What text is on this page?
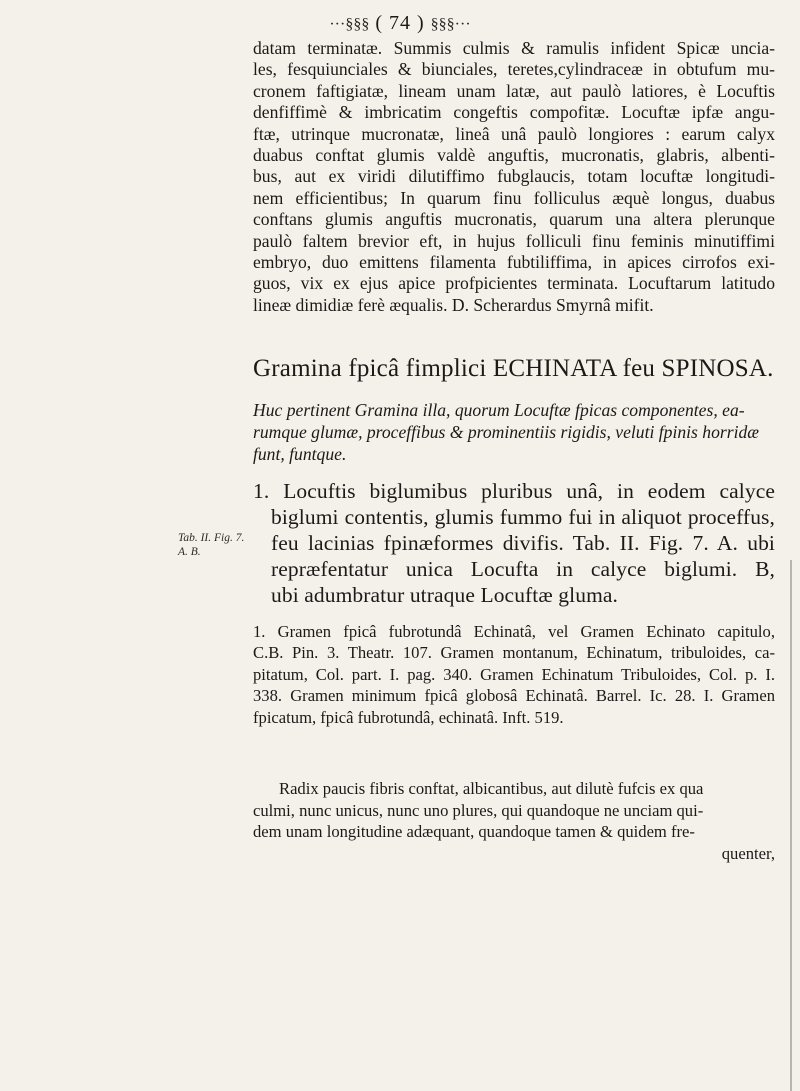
···§§§ ( 74 ) §§§···
datam terminatæ. Summis culmis & ramulis infident Spicæ uncia-
les, fesquiunciales & biunciales, teretes,cylindraceæ in obtufum mu-
cronem faftigiatæ, lineam unam latæ, aut paulò latiores, è Locuftis
denfiffimè & imbricatim congeftis compofitæ. Locuftæ ipfæ angu-
ftæ, utrinque mucronatæ, lineâ unâ paulò longiores : earum calyx
duabus conftat glumis valdè anguftis, mucronatis, glabris, albenti-
bus, aut ex viridi dilutiffimo fubglaucis, totam locuftæ longitudi-
nem efficientibus; In quarum finu folliculus æquè longus, duabus
conftans glumis anguftis mucronatis, quarum una altera plerunque
paulò faltem brevior eft, in hujus folliculi finu feminis minutiffimi
embryo, duo emittens filamenta fubtiliffima, in apices cirrofos exi-
guos, vix ex ejus apice profpicientes terminata. Locuftarum latitudo
lineæ dimidiæ ferè æqualis. D. Scherardus Smyrnâ mifit.
Gramina fpicâ fimplici ECHINATA feu SPINOSA.
Huc pertinent Gramina illa, quorum Locuftæ fpicas componentes, ea-
rumque glumæ, proceffibus & prominentiis rigidis, veluti fpinis horridæ
funt, funtque.
1. Locuftis biglumibus pluribus unâ, in eodem calyce
biglumi contentis, glumis fummo fui in aliquot proceffus,
feu lacinias fpinæformes divifis. Tab. II. Fig. 7. A. ubi
repræfentatur unica Locufta in calyce biglumi. B,
ubi adumbratur utraque Locuftæ gluma.
Tab. II. Fig. 7.
A. B.
1. Gramen fpicâ fubrotundâ Echinatâ, vel Gramen Echinato capitulo,
C.B. Pin. 3. Theatr. 107. Gramen montanum, Echinatum, tribuloides, ca-
pitatum, Col. part. I. pag. 340. Gramen Echinatum Tribuloides, Col. p. I.
338. Gramen minimum fpicâ globosâ Echinatâ. Barrel. Ic. 28. I. Gramen
fpicatum, fpicâ fubrotundâ, echinatâ. Inft. 519.
Radix paucis fibris conftat, albicantibus, aut dilutè fufcis ex qua
culmi, nunc unicus, nunc uno plures, qui quandoque ne unciam qui-
dem unam longitudine adæquant, quandoque tamen & quidem fre-
quenter,
